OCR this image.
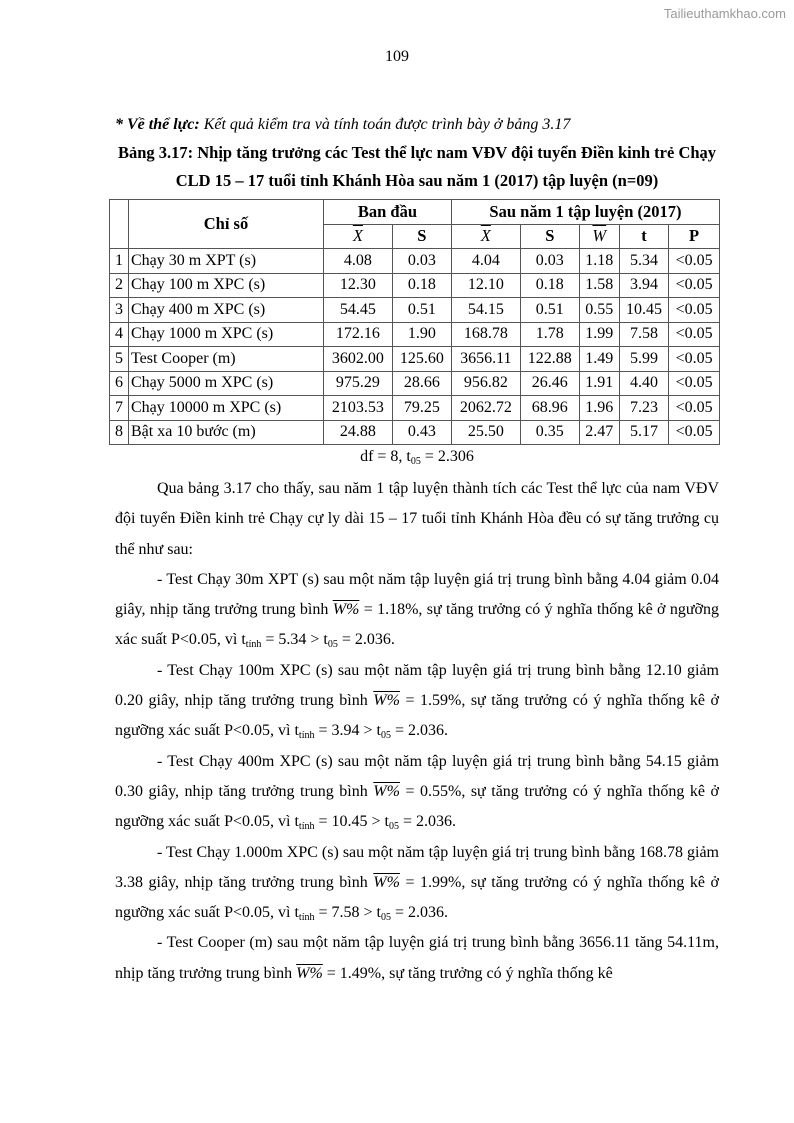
Tailieuthamkhao.com
109
* Về thể lực: Kết quả kiểm tra và tính toán được trình bày ở bảng 3.17
Bảng 3.17: Nhịp tăng trưởng các Test thể lực nam VĐV đội tuyển Điền kinh trẻ Chạy
CLD 15 – 17 tuổi tỉnh Khánh Hòa sau năm 1 (2017) tập luyện (n=09)
	Chỉ số	Ban đầu		Sau năm 1 tập luyện (2017)				
		$\overline{X}$	S	$\overline{X}$	S	$\overline{W}$	t	P
1	Chạy 30 m XPT (s)	4.08	0.03	4.04	0.03	1.18	5.34	<0.05
2	Chạy 100 m XPC (s)	12.30	0.18	12.10	0.18	1.58	3.94	<0.05
3	Chạy 400 m XPC (s)	54.45	0.51	54.15	0.51	0.55	10.45	<0.05
4	Chạy 1000 m XPC (s)	172.16	1.90	168.78	1.78	1.99	7.58	<0.05
5	Test Cooper (m)	3602.00	125.60	3656.11	122.88	1.49	5.99	<0.05
6	Chạy 5000 m XPC (s)	975.29	28.66	956.82	26.46	1.91	4.40	<0.05
7	Chạy 10000 m XPC (s)	2103.53	79.25	2062.72	68.96	1.96	7.23	<0.05
8	Bật xa 10 bước (m)	24.88	0.43	25.50	0.35	2.47	5.17	<0.05
df = 8, $t_{05} = 2.306$

Qua bảng 3.17 cho thấy, sau năm 1 tập luyện thành tích các Test thể lực của nam VĐV đội tuyển Điền kinh trẻ Chạy cự ly dài 15 – 17 tuổi tỉnh Khánh Hòa đều có sự tăng trưởng cụ thể như sau:

- Test Chạy 30m XPT (s) sau một năm tập luyện giá trị trung bình bằng 4.04 giảm 0.04 giây, nhịp tăng trưởng trung bình W% = 1.18%, sự tăng trưởng có ý nghĩa thống kê ở ngưỡng xác suất P<0.05, vì $t_{tính} = 5.34 > t_{05} = 2.036$.

- Test Chạy 100m XPC (s) sau một năm tập luyện giá trị trung bình bằng 12.10 giảm 0.20 giây, nhịp tăng trưởng trung bình W% = 1.59%, sự tăng trưởng có ý nghĩa thống kê ở ngưỡng xác suất P<0.05, vì $t_{tính} = 3.94 > t_{05} = 2.036$.

- Test Chạy 400m XPC (s) sau một năm tập luyện giá trị trung bình bằng 54.15 giảm 0.30 giây, nhịp tăng trưởng trung bình W% = 0.55%, sự tăng trưởng có ý nghĩa thống kê ở ngưỡng xác suất P<0.05, vì $t_{tính} = 10.45 > t_{05} = 2.036$.

- Test Chạy 1.000m XPC (s) sau một năm tập luyện giá trị trung bình bằng 168.78 giảm 3.38 giây, nhịp tăng trưởng trung bình W% = 1.99%, sự tăng trưởng có ý nghĩa thống kê ở ngưỡng xác suất P<0.05, vì $t_{tính} = 7.58 > t_{05} = 2.036$.

- Test Cooper (m) sau một năm tập luyện giá trị trung bình bằng 3656.11 tăng 54.11m, nhịp tăng trưởng trung bình W% = 1.49%, sự tăng trưởng có ý nghĩa thống kê
